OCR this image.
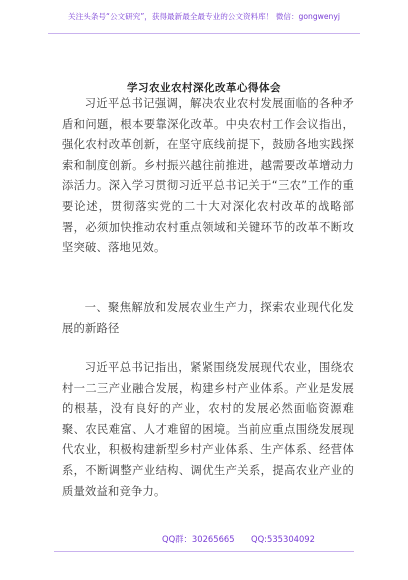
关注头条号“公文研究”，获得最新最全最专业的公文资料库！ 微信：gongwenyj
学习农业农村深化改革心得体会

习近平总书记强调，解决农业农村发展面临的各种矛盾和问题，根本要靠深化改革。中央农村工作会议指出，强化农村改革创新，在坚守底线前提下，鼓励各地实践探索和制度创新。乡村振兴越往前推进，越需要改革增动力添活力。深入学习贯彻习近平总书记关于“三农”工作的重要论述，贯彻落实党的二十大对深化农村改革的战略部署，必须加快推动农村重点领域和关键环节的改革不断攻坚突破、落地见效。

一、聚焦解放和发展农业生产力，探索农业现代化发展的新路径

习近平总书记指出，紧紧围绕发展现代农业，围绕农村一二三产业融合发展，构建乡村产业体系。产业是发展的根基，没有良好的产业，农村的发展必然面临资源难聚、农民难富、人才难留的困境。当前应重点围绕发展现代农业，积极构建新型乡村产业体系、生产体系、经营体系，不断调整产业结构、调优生产关系，提高农业产业的质量效益和竞争力。

QQ群：30265665 QQ:535304092
